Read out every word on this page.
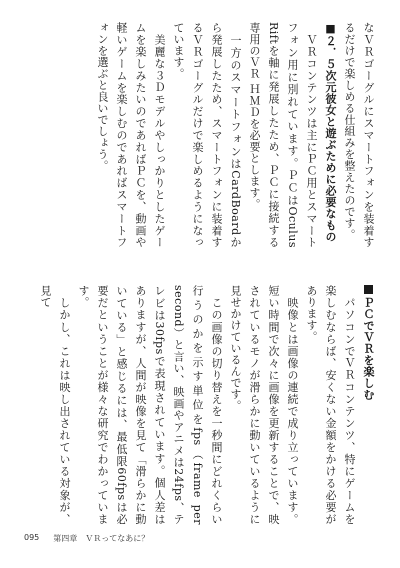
なＶＲゴーグルにスマートフォンを装着するだけで楽しめる仕組みを整えたのです。

■２．５次元彼女と遊ぶために必要なもの

　ＶＲコンテンツは主にＰＣ用とスマートフォン用に別れています。ＰＣはOculus Riftを軸に発展したため、ＰＣに接続する専用のＶＲ ＨＭＤを必要とします。

　一方のスマートフォンはCardBoardから発展したため、スマートフォンに装着するＶＲゴーグルだけで楽しめるようになっています。

　美麗な３Ｄモデルやしっかりとしたゲームを楽しみたいのであればＰＣを、動画や軽いゲームを楽しむのであればスマートフォンを選ぶと良いでしょう。

ＰＣでＶＲを楽しむ

　パソコンでＶＲコンテンツ、特にゲームを楽しむならば、安くない金額をかける必要があります。

　映像とは画像の連続で成り立っています。短い時間で次々に画像を更新することで、映されているモノが滑らかに動いているように見せかけているんです。

　この画像の切り替えを一秒間にどれくらい行うのかを示す単位をfps（frame per second）と言い、映画やアニメは24fps、テレビは30fpsで表現されています。個人差はありますが、人間が映像を見て「滑らかに動いている」と感じるには、最低限60fpsは必要だということが様々な研究でわかっています。

　しかし、これは映し出されている対象が、見て

095 第四章　ＶＲってなあに？
